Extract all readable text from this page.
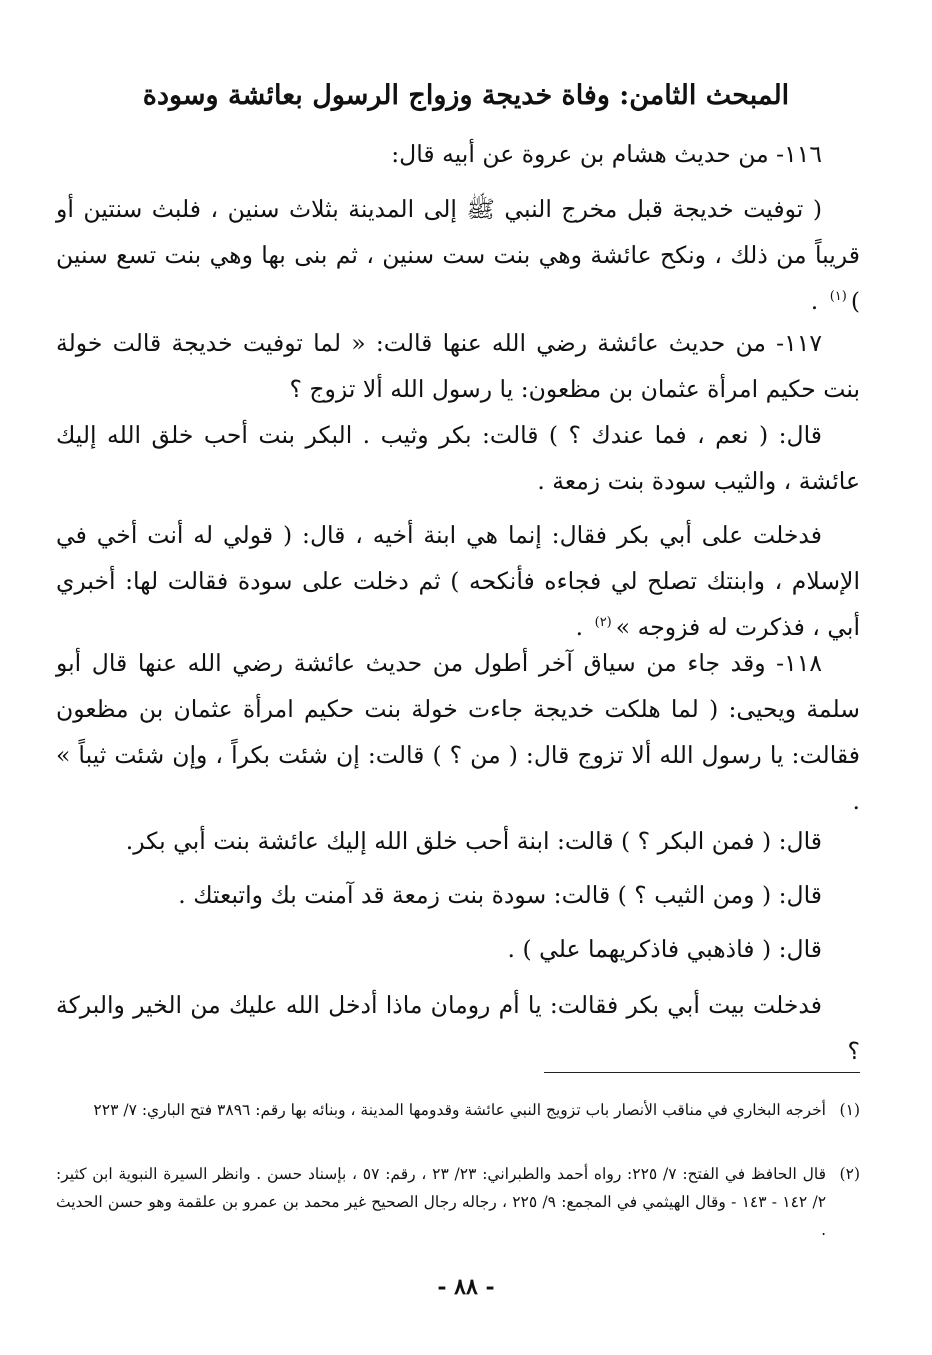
المبحث الثامن: وفاة خديجة وزواج الرسول بعائشة وسودة
١١٦- من حديث هشام بن عروة عن أبيه قال:
( توفيت خديجة قبل مخرج النبي ﷺ إلى المدينة بثلاث سنين ، فلبث سنتين أو قريباً من ذلك ، ونكح عائشة وهي بنت ست سنين ، ثم بنى بها وهي بنت تسع سنين )$^{(١)}$ .
١١٧- من حديث عائشة رضي الله عنها قالت: « لما توفيت خديجة قالت خولة بنت حكيم امرأة عثمان بن مظعون: يا رسول الله ألا تزوج ؟
قال: ( نعم ، فما عندك ؟ ) قالت: بكر وثيب . البكر بنت أحب خلق الله إليك عائشة ، والثيب سودة بنت زمعة .
فدخلت على أبي بكر فقال: إنما هي ابنة أخيه ، قال: ( قولي له أنت أخي في الإسلام ، وابنتك تصلح لي فجاءه فأنكحه ) ثم دخلت على سودة فقالت لها: أخبري أبي ، فذكرت له فزوجه »$^{(٢)}$ .
١١٨- وقد جاء من سياق آخر أطول من حديث عائشة رضي الله عنها قال أبو سلمة ويحيى: ( لما هلكت خديجة جاءت خولة بنت حكيم امرأة عثمان بن مظعون فقالت: يا رسول الله ألا تزوج قال: ( من ؟ ) قالت: إن شئت بكراً ، وإن شئت ثيباً » .
قال: ( فمن البكر ؟ ) قالت: ابنة أحب خلق الله إليك عائشة بنت أبي بكر.
قال: ( ومن الثيب ؟ ) قالت: سودة بنت زمعة قد آمنت بك واتبعتك .
قال: ( فاذهبي فاذكريهما علي ) .
فدخلت بيت أبي بكر فقالت: يا أم رومان ماذا أدخل الله عليك من الخير والبركة ؟
(١)
أخرجه البخاري في مناقب الأنصار باب تزويج النبي عائشة وقدومها المدينة ، وبنائه بها رقم: ٣٨٩٦ فتح الباري: ٧/ ٢٢٣
(٢)
قال الحافظ في الفتح: ٧/ ٢٢٥: رواه أحمد والطبراني: ٢٣/ ٢٣ ، رقم: ٥٧ ، بإسناد حسن . وانظر السيرة النبوية ابن كثير: ٢/ ١٤٢ - ١٤٣ - وقال الهيثمي في المجمع: ٩/ ٢٢٥ ، رجاله رجال الصحيح غير محمد بن عمرو بن علقمة وهو حسن الحديث .
- ٨٨ -
